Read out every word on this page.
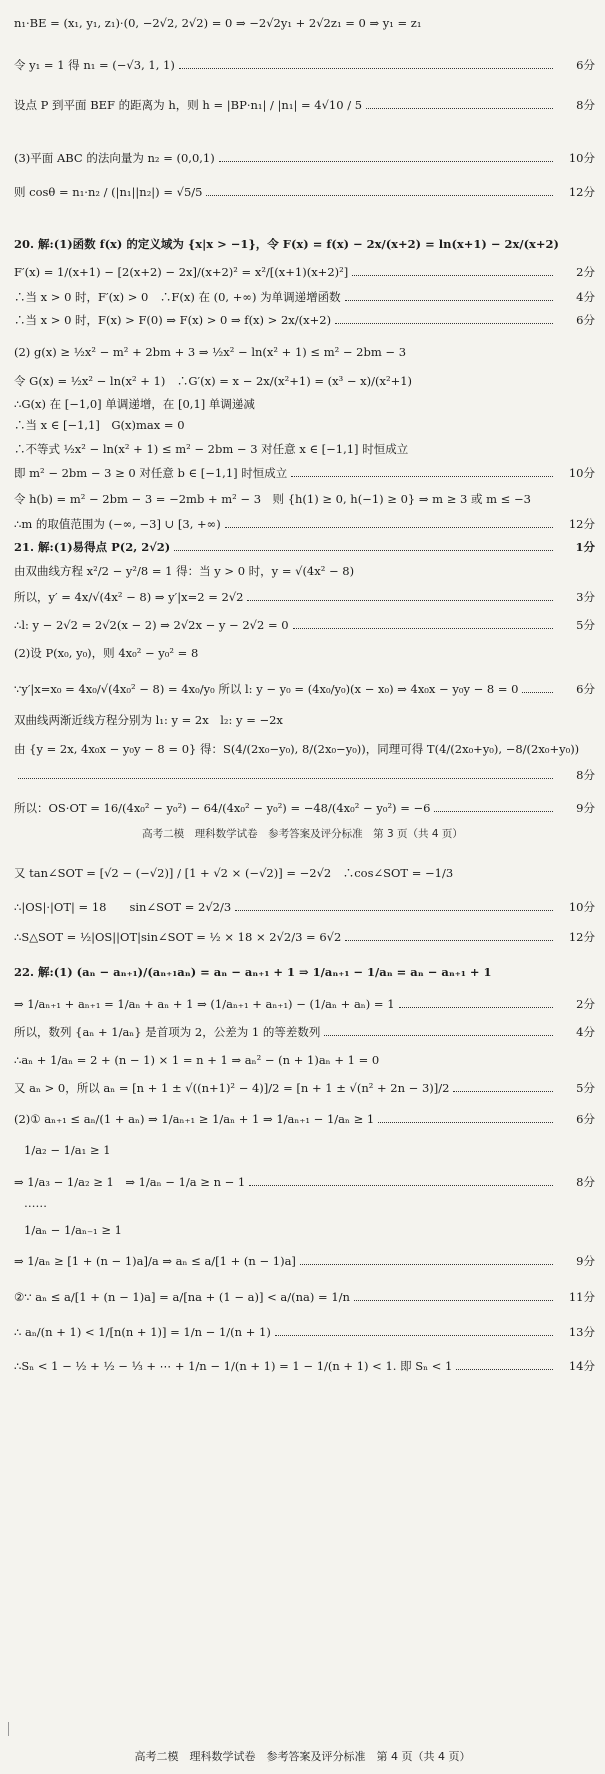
n₁·BE = (x₁, y₁, z₁)·(0, −2√2, 2√2) = 0 ⇒ −2√2y₁ + 2√2z₁ = 0 ⇒ y₁ = z₁
令 y₁ = 1 得 n₁ = (−√3, 1, 1)	6分
设点 P 到平面 BEF 的距离为 h，则 h = |BP·n₁| / |n₁| = 4√10 / 5	8分
(3)平面 ABC 的法向量为 n₂ = (0,0,1)	10分
则 cosθ = n₁·n₂ / (|n₁||n₂|) = √5/5	12分
20. 解:(1)函数 f(x) 的定义域为 {x|x > −1}，令 F(x) = f(x) − 2x/(x+2) = ln(x+1) − 2x/(x+2)
F′(x) = 1/(x+1) − [2(x+2) − 2x]/(x+2)² = x²/[(x+1)(x+2)²]	2分
∴当 x > 0 时，F′(x) > 0　∴F(x) 在 (0, +∞) 为单调递增函数	4分
∴当 x > 0 时，F(x) > F(0) ⇒ F(x) > 0 ⇒ f(x) > 2x/(x+2)	6分
(2) g(x) ≥ ½x² − m² + 2bm + 3 ⇒ ½x² − ln(x² + 1) ≤ m² − 2bm − 3
令 G(x) = ½x² − ln(x² + 1)　∴G′(x) = x − 2x/(x²+1) = (x³ − x)/(x²+1)
∴G(x) 在 [−1,0] 单调递增，在 [0,1] 单调递减
∴当 x ∈ [−1,1]　G(x)max = 0
∴不等式 ½x² − ln(x² + 1) ≤ m² − 2bm − 3 对任意 x ∈ [−1,1] 时恒成立
即 m² − 2bm − 3 ≥ 0 对任意 b ∈ [−1,1] 时恒成立	10分
令 h(b) = m² − 2bm − 3 = −2mb + m² − 3　则 {h(1) ≥ 0, h(−1) ≥ 0} ⇒ m ≥ 3 或 m ≤ −3
∴m 的取值范围为 (−∞, −3] ∪ [3, +∞)	12分
21. 解:(1)易得点 P(2, 2√2)	1分
由双曲线方程 x²/2 − y²/8 = 1 得：当 y > 0 时，y = √(4x² − 8)
所以，y′ = 4x/√(4x² − 8) ⇒ y′|x=2 = 2√2	3分
∴l: y − 2√2 = 2√2(x − 2) ⇒ 2√2x − y − 2√2 = 0	5分
(2)设 P(x₀, y₀)，则 4x₀² − y₀² = 8
∵y′|x=x₀ = 4x₀/√(4x₀² − 8) = 4x₀/y₀ 所以 l: y − y₀ = (4x₀/y₀)(x − x₀) ⇒ 4x₀x − y₀y − 8 = 0	6分
双曲线两渐近线方程分别为 l₁: y = 2x　l₂: y = −2x
由 {y = 2x, 4x₀x − y₀y − 8 = 0} 得：S(4/(2x₀−y₀), 8/(2x₀−y₀))，同理可得 T(4/(2x₀+y₀), −8/(2x₀+y₀))
8分
所以：OS·OT = 16/(4x₀² − y₀²) − 64/(4x₀² − y₀²) = −48/(4x₀² − y₀²) = −6	9分
又 tan∠SOT = [√2 − (−√2)] / [1 + √2 × (−√2)] = −2√2　∴cos∠SOT = −1/3
∴|OS|·|OT| = 18　　sin∠SOT = 2√2/3	10分
∴S△SOT = ½|OS||OT|sin∠SOT = ½ × 18 × 2√2/3 = 6√2	12分
22. 解:(1) (aₙ − aₙ₊₁)/(aₙ₊₁aₙ) = aₙ − aₙ₊₁ + 1 ⇒ 1/aₙ₊₁ − 1/aₙ = aₙ − aₙ₊₁ + 1
⇒ 1/aₙ₊₁ + aₙ₊₁ = 1/aₙ + aₙ + 1 ⇒ (1/aₙ₊₁ + aₙ₊₁) − (1/aₙ + aₙ) = 1	2分
所以，数列 {aₙ + 1/aₙ} 是首项为 2，公差为 1 的等差数列	4分
∴aₙ + 1/aₙ = 2 + (n − 1) × 1 = n + 1 ⇒ aₙ² − (n + 1)aₙ + 1 = 0
又 aₙ > 0，所以 aₙ = [n + 1 ± √((n+1)² − 4)]/2 = [n + 1 ± √(n² + 2n − 3)]/2	5分
(2)① aₙ₊₁ ≤ aₙ/(1 + aₙ) ⇒ 1/aₙ₊₁ ≥ 1/aₙ + 1 ⇒ 1/aₙ₊₁ − 1/aₙ ≥ 1	6分
1/a₂ − 1/a₁ ≥ 1
⇒ 1/a₃ − 1/a₂ ≥ 1　⇒ 1/aₙ − 1/a ≥ n − 1	8分
……
1/aₙ − 1/aₙ₋₁ ≥ 1
⇒ 1/aₙ ≥ [1 + (n − 1)a]/a ⇒ aₙ ≤ a/[1 + (n − 1)a]	9分
②∵ aₙ ≤ a/[1 + (n − 1)a] = a/[na + (1 − a)] < a/(na) = 1/n	11分
∴ aₙ/(n + 1) < 1/[n(n + 1)] = 1/n − 1/(n + 1)	13分
∴Sₙ < 1 − ½ + ½ − ⅓ + ⋯ + 1/n − 1/(n + 1) = 1 − 1/(n + 1) < 1. 即 Sₙ < 1	14分
高考二模　理科数学试卷　参考答案及评分标准　第 3 页（共 4 页）
高考二模　理科数学试卷　参考答案及评分标准　第 4 页（共 4 页）
